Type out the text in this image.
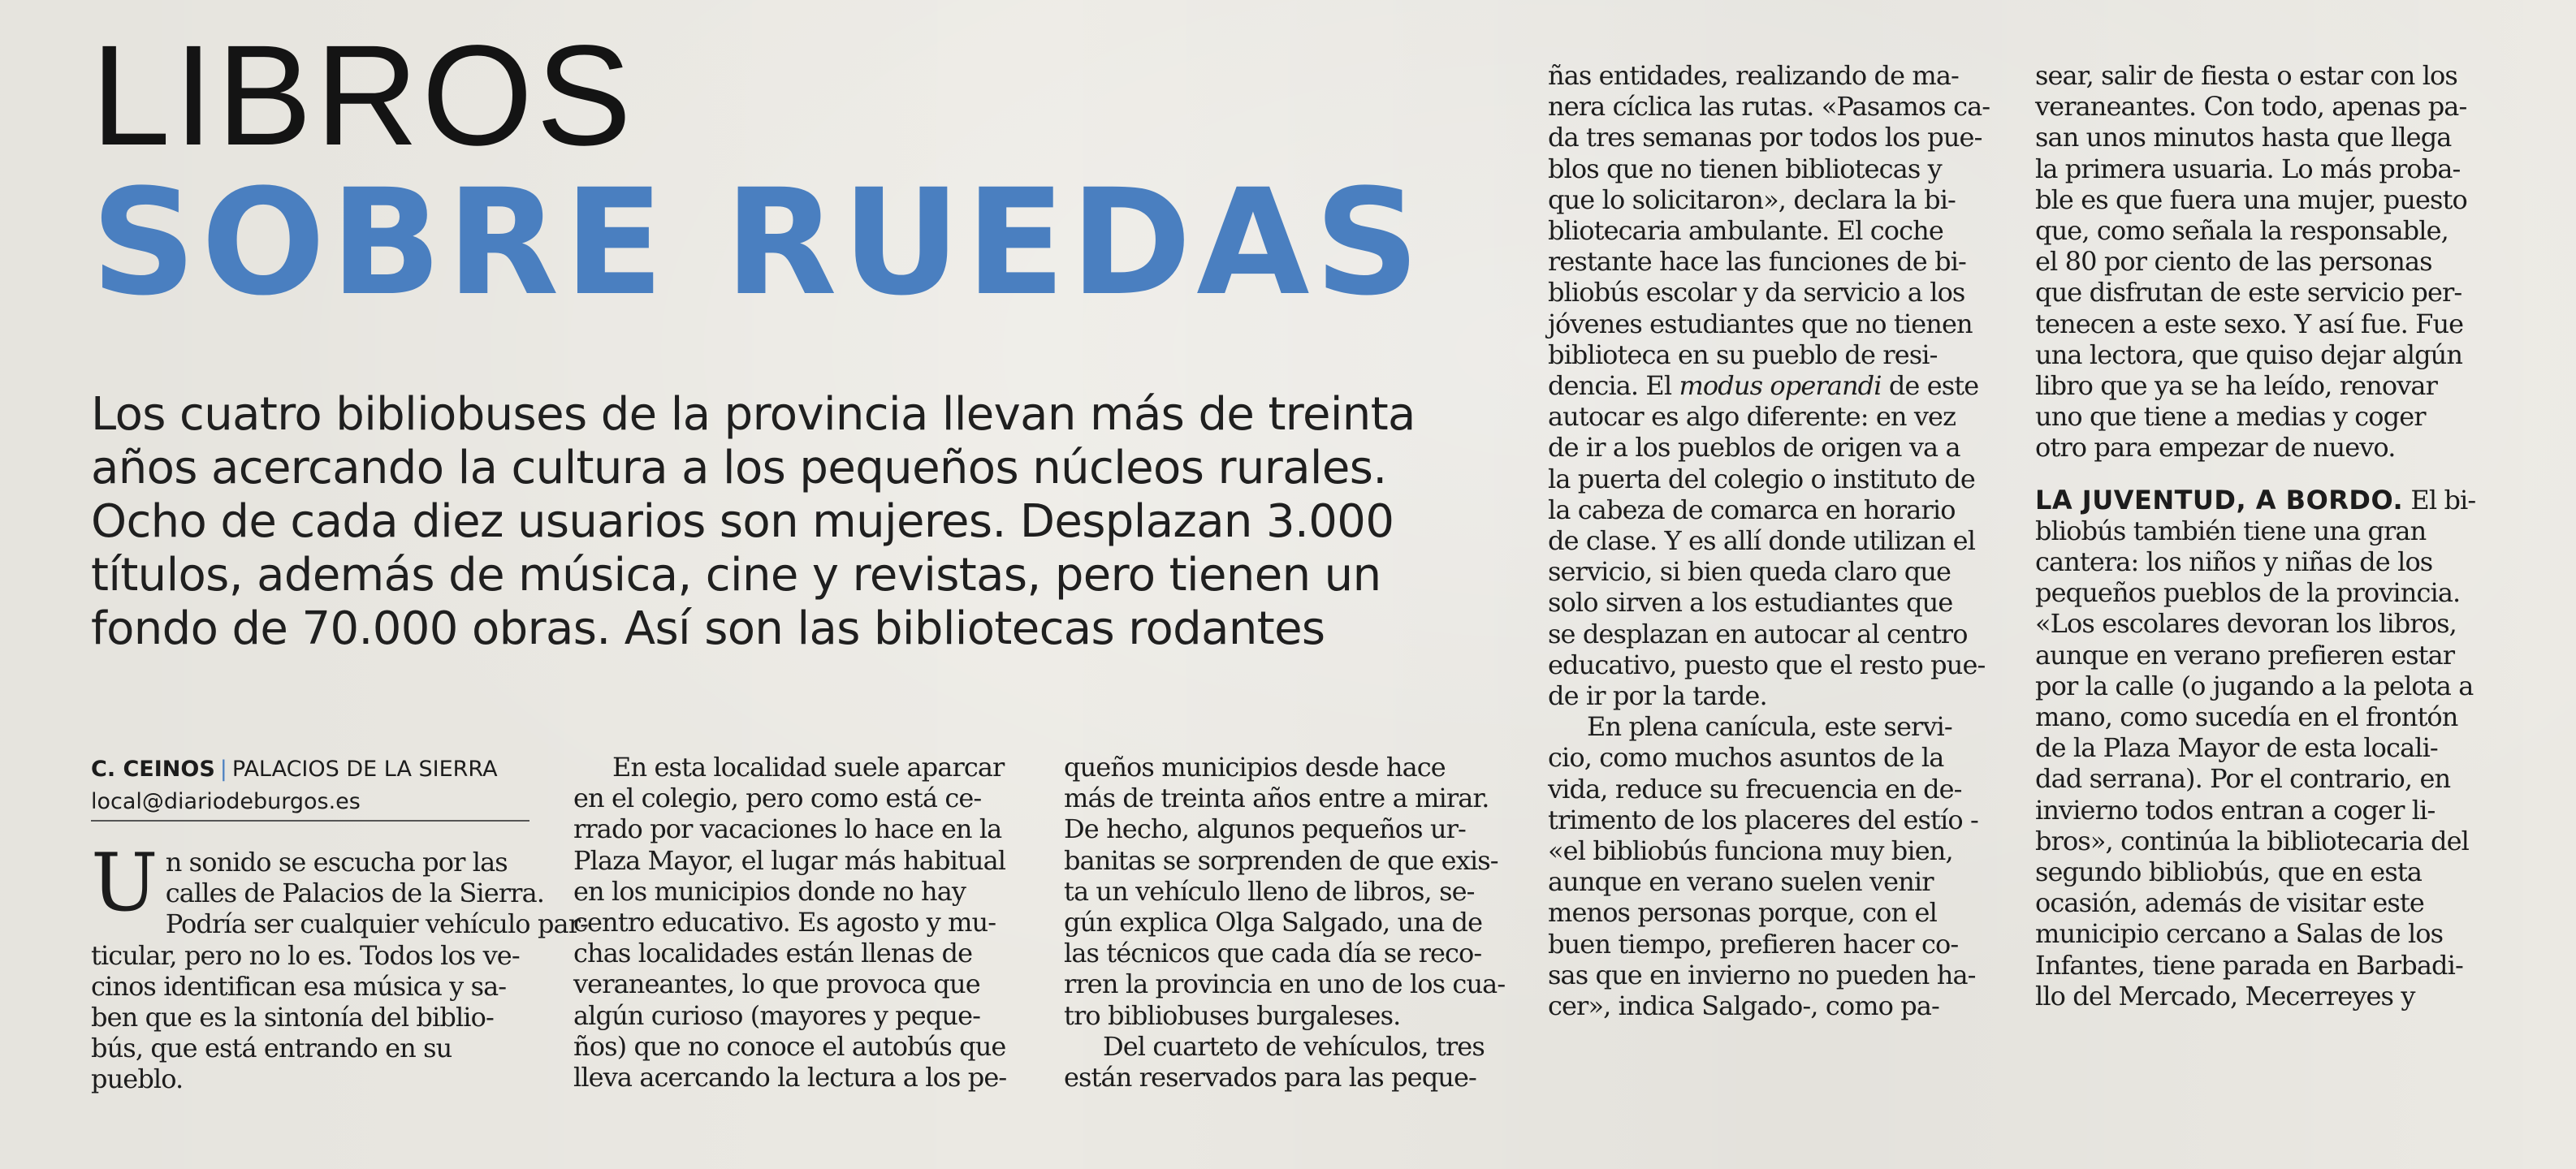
LIBROS
SOBRE RUEDAS
Los cuatro bibliobuses de la provincia llevan más de treinta
años acercando la cultura a los pequeños núcleos rurales.
Ocho de cada diez usuarios son mujeres. Desplazan 3.000
títulos, además de música, cine y revistas, pero tienen un
fondo de 70.000 obras. Así son las bibliotecas rodantes
C. CEINOS | PALACIOS DE LA SIERRA
local@diariodeburgos.es
U n sonido se escucha por las
calles de Palacios de la Sierra.
Podría ser cualquier vehículo par-
ticular, pero no lo es. Todos los ve-
cinos identifican esa música y sa-
ben que es la sintonía del biblio-
bús, que está entrando en su
pueblo.
En esta localidad suele aparcar
en el colegio, pero como está ce-
rrado por vacaciones lo hace en la
Plaza Mayor, el lugar más habitual
en los municipios donde no hay
centro educativo. Es agosto y mu-
chas localidades están llenas de
veraneantes, lo que provoca que
algún curioso (mayores y peque-
ños) que no conoce el autobús que
lleva acercando la lectura a los pe-
queños municipios desde hace
más de treinta años entre a mirar.
De hecho, algunos pequeños ur-
banitas se sorprenden de que exis-
ta un vehículo lleno de libros, se-
gún explica Olga Salgado, una de
las técnicos que cada día se reco-
rren la provincia en uno de los cua-
tro bibliobuses burgaleses.
Del cuarteto de vehículos, tres
están reservados para las peque-
ñas entidades, realizando de ma-
nera cíclica las rutas. «Pasamos ca-
da tres semanas por todos los pue-
blos que no tienen bibliotecas y
que lo solicitaron», declara la bi-
bliotecaria ambulante. El coche
restante hace las funciones de bi-
bliobús escolar y da servicio a los
jóvenes estudiantes que no tienen
biblioteca en su pueblo de resi-
dencia. El modus operandi de este
autocar es algo diferente: en vez
de ir a los pueblos de origen va a
la puerta del colegio o instituto de
la cabeza de comarca en horario
de clase. Y es allí donde utilizan el
servicio, si bien queda claro que
solo sirven a los estudiantes que
se desplazan en autocar al centro
educativo, puesto que el resto pue-
de ir por la tarde.
En plena canícula, este servi-
cio, como muchos asuntos de la
vida, reduce su frecuencia en de-
trimento de los placeres del estío -
«el bibliobús funciona muy bien,
aunque en verano suelen venir
menos personas porque, con el
buen tiempo, prefieren hacer co-
sas que en invierno no pueden ha-
cer», indica Salgado-, como pa-
sear, salir de fiesta o estar con los
veraneantes. Con todo, apenas pa-
san unos minutos hasta que llega
la primera usuaria. Lo más proba-
ble es que fuera una mujer, puesto
que, como señala la responsable,
el 80 por ciento de las personas
que disfrutan de este servicio per-
tenecen a este sexo. Y así fue. Fue
una lectora, que quiso dejar algún
libro que ya se ha leído, renovar
uno que tiene a medias y coger
otro para empezar de nuevo.
LA JUVENTUD, A BORDO. El bi-
bliobús también tiene una gran
cantera: los niños y niñas de los
pequeños pueblos de la provincia.
«Los escolares devoran los libros,
aunque en verano prefieren estar
por la calle (o jugando a la pelota a
mano, como sucedía en el frontón
de la Plaza Mayor de esta locali-
dad serrana). Por el contrario, en
invierno todos entran a coger li-
bros», continúa la bibliotecaria del
segundo bibliobús, que en esta
ocasión, además de visitar este
municipio cercano a Salas de los
Infantes, tiene parada en Barbadi-
llo del Mercado, Mecerreyes y
